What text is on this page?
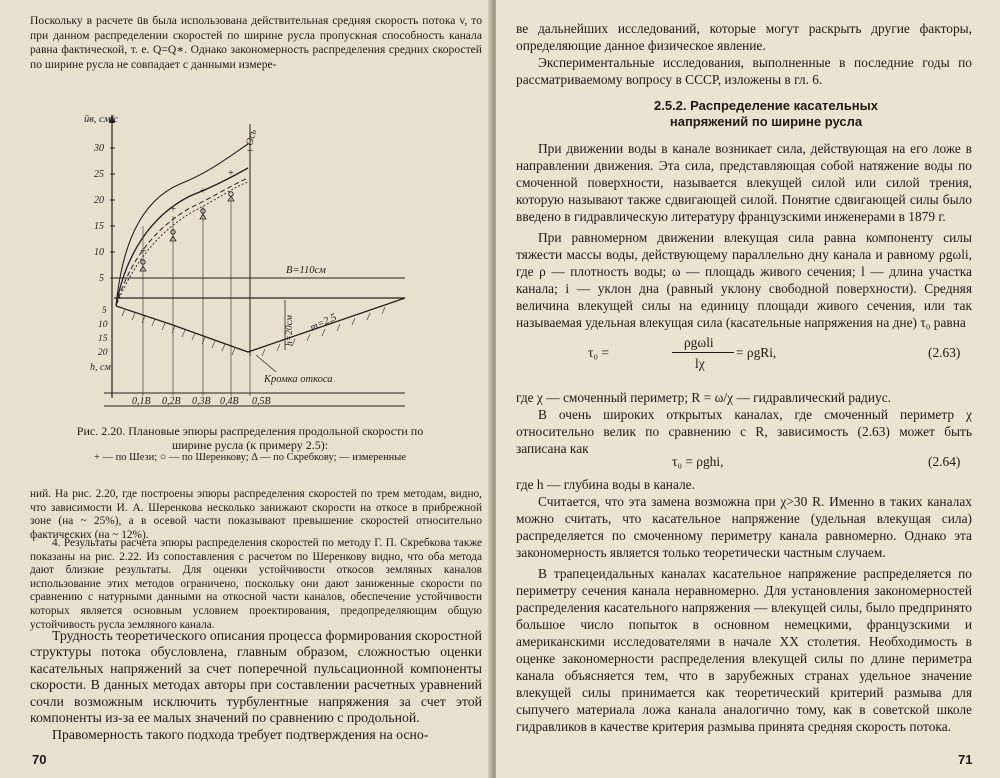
Поскольку в расчете ūв была использована действительная средняя скорость потока v, то при данном распределении скоростей по ширине русла пропускная способность канала равна фактической, т. е. Q=Q∗. Однако закономерность распределения средних скоростей по ширине русла не совпадает с данными измере-
ūв, см/с
30
25
20
15
10
5
Ось
B=110см
h=20см m=2,5
5
10
15
20
h, см
Кромка откоса
0,1B 0,2B 0,3B 0,4B 0,5B
+
+
+
+
+
Рис. 2.20. Плановые эпюры распределения продольной скорости по ширине русла (к примеру 2.5):
+ — по Шези; ○ — по Шеренкову; Δ — по Скребкову; — измеренные
ний. На рис. 2.20, где построены эпюры распределения скоростей по трем методам, видно, что зависимости И. А. Шеренкова несколько занижают скорости на откосе в прибрежной зоне (на ~ 25%), а в осевой части показывают превышение скоростей относительно фактических (на ~ 12%).
4. Результаты расчета эпюры распределения скоростей по методу Г. П. Скребкова также показаны на рис. 2.22. Из сопоставления с расчетом по Шеренкову видно, что оба метода дают близкие результаты. Для оценки устойчивости откосов земляных каналов использование этих методов ограничено, поскольку они дают заниженные скорости по сравнению с натурными данными на откосной части каналов, обеспечение устойчивости которых является основным условием проектирования, предопределяющим общую устойчивость русла земляного канала.
Трудность теоретического описания процесса формирования скоростной структуры потока обусловлена, главным образом, сложностью оценки касательных напряжений за счет поперечной пульсационной компоненты скорости. В данных методах авторы при составлении расчетных уравнений сочли возможным исключить турбулентные напряжения за счет этой компоненты из-за ее малых значений по сравнению с продольной.
Правомерность такого подхода требует подтверждения на осно-
70
ве дальнейших исследований, которые могут раскрыть другие факторы, определяющие данное физическое явление.
Экспериментальные исследования, выполненные в последние годы по рассматриваемому вопросу в СССР, изложены в гл. 6.
2.5.2. Распределение касательных напряжений по ширине русла
При движении воды в канале возникает сила, действующая на его ложе в направлении движения. Эта сила, представляющая собой натяжение воды по смоченной поверхности, называется влекущей силой или силой трения, которую называют также сдвигающей силой. Понятие сдвигающей силы было введено в гидравлическую литературу французскими инженерами в 1879 г.
При равномерном движении влекущая сила равна компоненту силы тяжести массы воды, действующему параллельно дну канала и равному ρgωli, где ρ — плотность воды; ω — площадь живого сечения; l — длина участка канала; i — уклон дна (равный уклону свободной поверхности). Средняя величина влекущей силы на единицу площади живого сечения, или так называемая удельная влекущая сила (касательные напряжения на дне) τ₀ равна
τ₀ =
ρgωli
lχ
= ρgRi,	(2.63)
где χ — смоченный периметр; R = ω/χ — гидравлический радиус.
В очень широких открытых каналах, где смоченный периметр χ относительно велик по сравнению с R, зависимость (2.63) может быть записана как
τ₀ = ρghi,	(2.64)
где h — глубина воды в канале.
Считается, что эта замена возможна при χ>30 R. Именно в таких каналах можно считать, что касательное напряжение (удельная влекущая сила) распределяется по смоченному периметру канала равномерно. Однако эта закономерность является только теоретически частным случаем.
В трапецеидальных каналах касательное напряжение распределяется по периметру сечения канала неравномерно. Для установления закономерностей распределения касательного напряжения — влекущей силы, было предпринято большое число попыток в основном немецкими, французскими и американскими исследователями в начале XX столетия. Необходимость в оценке закономерности распределения влекущей силы по длине периметра канала объясняется тем, что в зарубежных странах удельное значение влекущей силы принимается как теоретический критерий размыва для сыпучего материала ложа канала аналогично тому, как в советской школе гидравликов в качестве критерия размыва принята средняя скорость потока.
71
